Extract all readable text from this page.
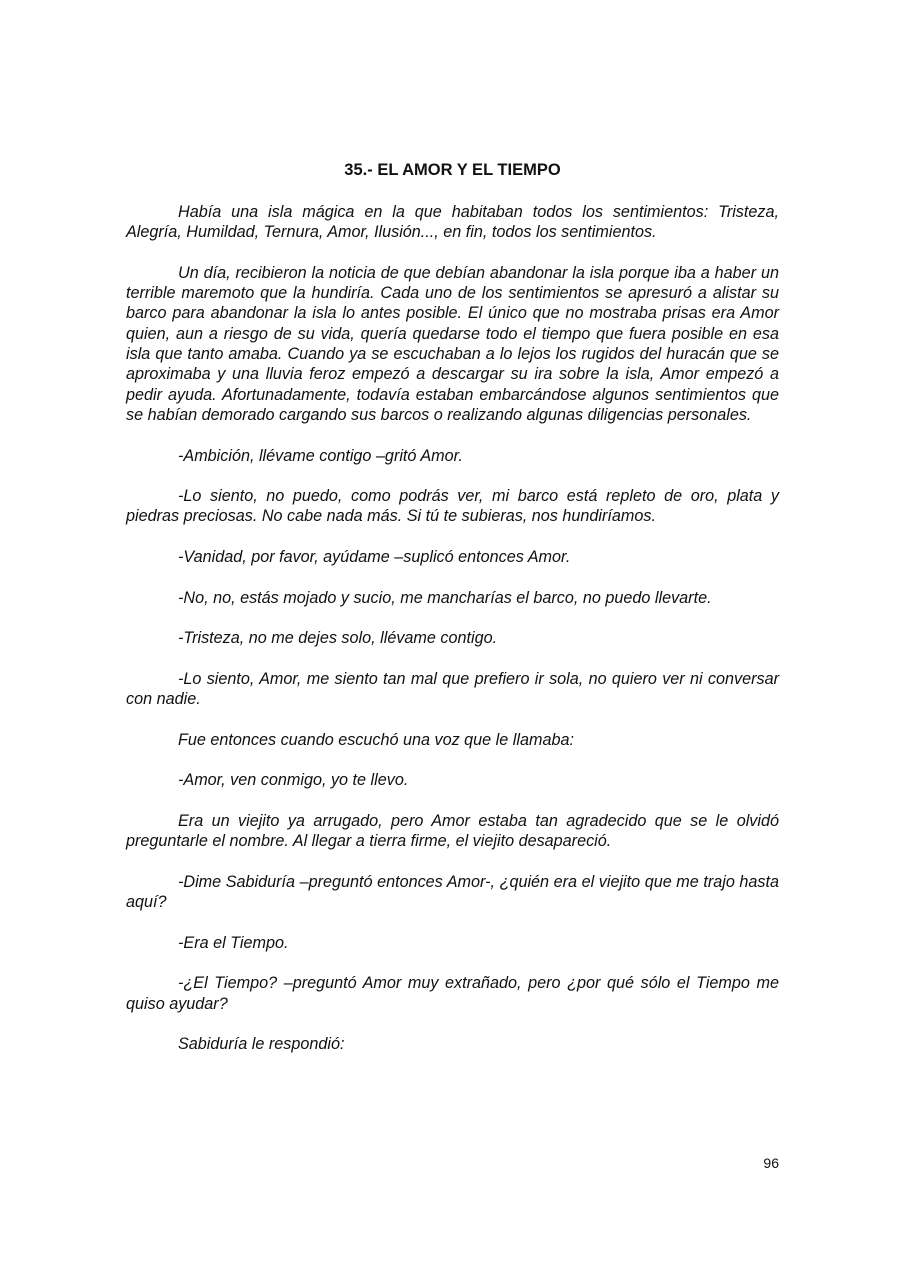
35.- EL AMOR Y EL TIEMPO

Había una isla mágica en la que habitaban todos los sentimientos: Tristeza, Alegría, Humildad, Ternura, Amor, Ilusión..., en fin, todos los sentimientos.

Un día, recibieron la noticia de que debían abandonar la isla porque iba a haber un terrible maremoto que la hundiría. Cada uno de los sentimientos se apresuró a alistar su barco para abandonar la isla lo antes posible. El único que no mostraba prisas era Amor quien, aun a riesgo de su vida, quería quedarse todo el tiempo que fuera posible en esa isla que tanto amaba. Cuando ya se escuchaban a lo lejos los rugidos del huracán que se aproximaba y una lluvia feroz empezó a descargar su ira sobre la isla, Amor empezó a pedir ayuda. Afortunadamente, todavía estaban embarcándose algunos sentimientos que se habían demorado cargando sus barcos o realizando algunas diligencias personales.

-Ambición, llévame contigo –gritó Amor.

-Lo siento, no puedo, como podrás ver, mi barco está repleto de oro, plata y piedras preciosas. No cabe nada más. Si tú te subieras, nos hundiríamos.

-Vanidad, por favor, ayúdame –suplicó entonces Amor.

-No, no, estás mojado y sucio, me mancharías el barco, no puedo llevarte.

-Tristeza, no me dejes solo, llévame contigo.

-Lo siento, Amor, me siento tan mal que prefiero ir sola, no quiero ver ni conversar con nadie.

Fue entonces cuando escuchó una voz que le llamaba:

-Amor, ven conmigo, yo te llevo.

Era un viejito ya arrugado, pero Amor estaba tan agradecido que se le olvidó preguntarle el nombre. Al llegar a tierra firme, el viejito desapareció.

-Dime Sabiduría –preguntó entonces Amor-, ¿quién era el viejito que me trajo hasta aquí?

-Era el Tiempo.

-¿El Tiempo? –preguntó Amor muy extrañado, pero ¿por qué sólo el Tiempo me quiso ayudar?

Sabiduría le respondió:

96
